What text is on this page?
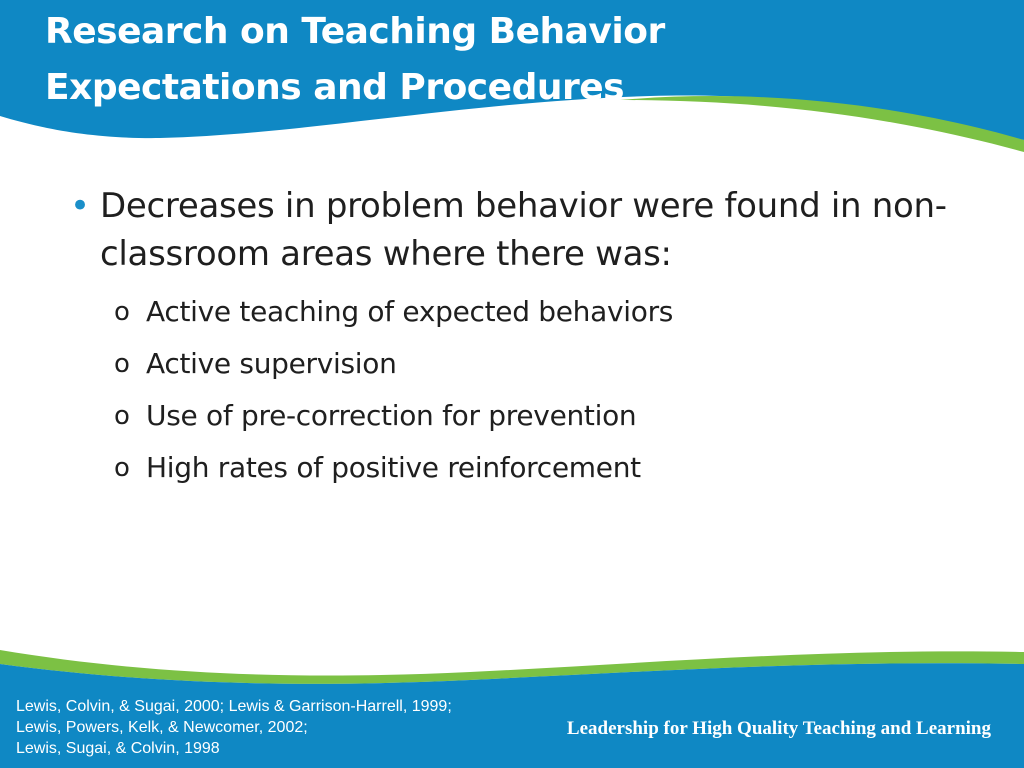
Research on Teaching Behavior
Expectations and Procedures
• Decreases in problem behavior were found in non-classroom areas where there was:
o Active teaching of expected behaviors
o Active supervision
o Use of pre-correction for prevention
o High rates of positive reinforcement
Lewis, Colvin, & Sugai, 2000; Lewis & Garrison-Harrell, 1999;
Lewis, Powers, Kelk, & Newcomer, 2002;
Lewis, Sugai, & Colvin, 1998
Leadership for High Quality Teaching and Learning
